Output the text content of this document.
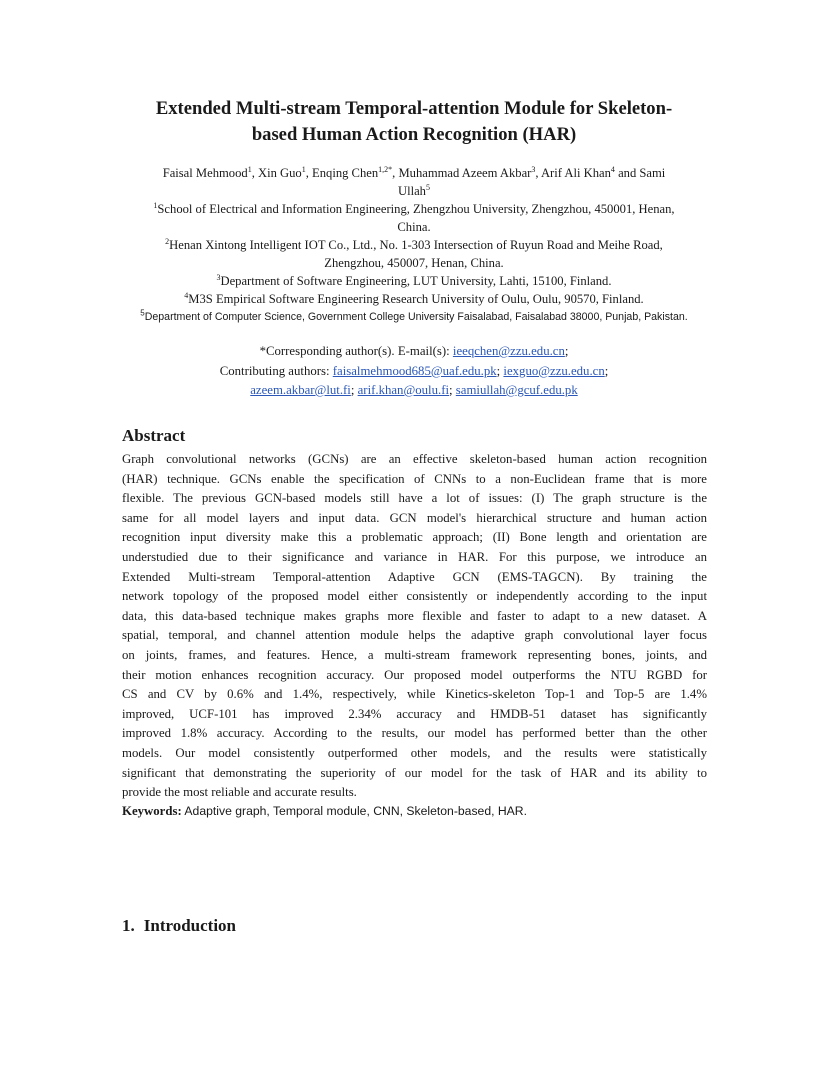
Extended Multi-stream Temporal-attention Module for Skeleton-
based Human Action Recognition (HAR)
Faisal Mehmood$^1$, Xin Guo$^1$, Enqing Chen$^{1,2*}$, Muhammad Azeem Akbar$^3$, Arif Ali Khan$^4$ and Sami
Ullah$^5$
$^1$School of Electrical and Information Engineering, Zhengzhou University, Zhengzhou, 450001, Henan,
China.
$^2$Henan Xintong Intelligent IOT Co., Ltd., No. 1-303 Intersection of Ruyun Road and Meihe Road,
Zhengzhou, 450007, Henan, China.
$^3$Department of Software Engineering, LUT University, Lahti, 15100, Finland.
$^4$M3S Empirical Software Engineering Research University of Oulu, Oulu, 90570, Finland.
$^5$Department of Computer Science, Government College University Faisalabad, Faisalabad 38000, Punjab, Pakistan.
*Corresponding author(s). E-mail(s): ieeqchen@zzu.edu.cn;
Contributing authors: faisalmehmood685@uaf.edu.pk; iexguo@zzu.edu.cn;
azeem.akbar@lut.fi; arif.khan@oulu.fi; samiullah@gcuf.edu.pk
Abstract
Graph convolutional networks (GCNs) are an effective skeleton-based human action recognition
(HAR) technique. GCNs enable the specification of CNNs to a non-Euclidean frame that is more
flexible. The previous GCN-based models still have a lot of issues: (I) The graph structure is the
same for all model layers and input data. GCN model's hierarchical structure and human action
recognition input diversity make this a problematic approach; (II) Bone length and orientation are
understudied due to their significance and variance in HAR. For this purpose, we introduce an
Extended Multi-stream Temporal-attention Adaptive GCN (EMS-TAGCN). By training the
network topology of the proposed model either consistently or independently according to the input
data, this data-based technique makes graphs more flexible and faster to adapt to a new dataset. A
spatial, temporal, and channel attention module helps the adaptive graph convolutional layer focus
on joints, frames, and features. Hence, a multi-stream framework representing bones, joints, and
their motion enhances recognition accuracy. Our proposed model outperforms the NTU RGBD for
CS and CV by 0.6% and 1.4%, respectively, while Kinetics-skeleton Top-1 and Top-5 are 1.4%
improved, UCF-101 has improved 2.34% accuracy and HMDB-51 dataset has significantly
improved 1.8% accuracy. According to the results, our model has performed better than the other
models. Our model consistently outperformed other models, and the results were statistically
significant that demonstrating the superiority of our model for the task of HAR and its ability to
provide the most reliable and accurate results.
Keywords: Adaptive graph, Temporal module, CNN, Skeleton-based, HAR.
1. Introduction
